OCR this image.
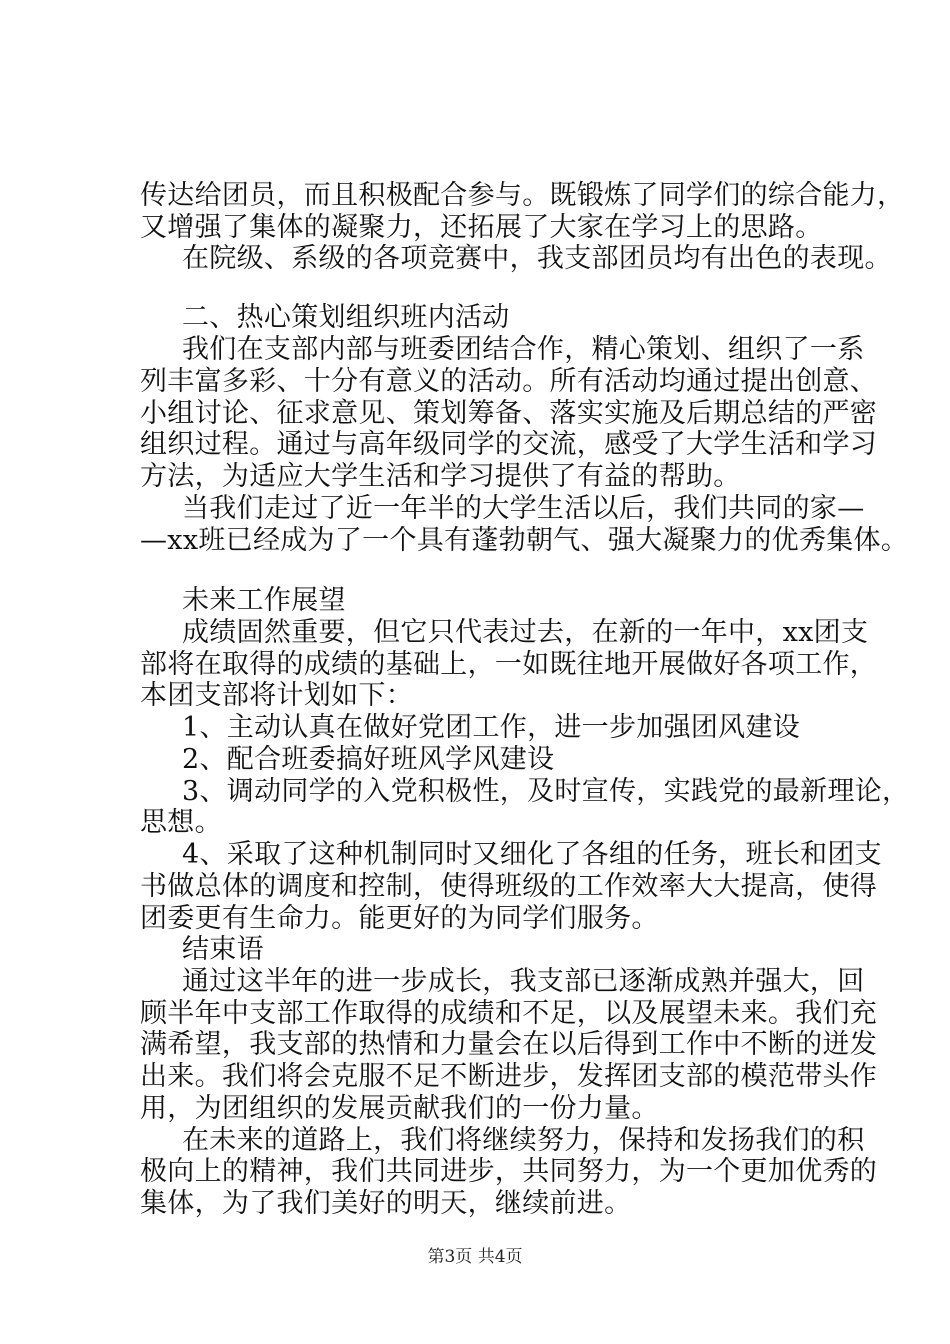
传达给团员，而且积极配合参与。既锻炼了同学们的综合能力，
又增强了集体的凝聚力，还拓展了大家在学习上的思路。
在院级、系级的各项竞赛中，我支部团员均有出色的表现。
二、热心策划组织班内活动
我们在支部内部与班委团结合作，精心策划、组织了一系
列丰富多彩、十分有意义的活动。所有活动均通过提出创意、
小组讨论、征求意见、策划筹备、落实实施及后期总结的严密
组织过程。通过与高年级同学的交流，感受了大学生活和学习
方法，为适应大学生活和学习提供了有益的帮助。
当我们走过了近一年半的大学生活以后，我们共同的家—
—xx班已经成为了一个具有蓬勃朝气、强大凝聚力的优秀集体。
未来工作展望
成绩固然重要，但它只代表过去，在新的一年中，xx团支
部将在取得的成绩的基础上，一如既往地开展做好各项工作，
本团支部将计划如下：
1、主动认真在做好党团工作，进一步加强团风建设
2、配合班委搞好班风学风建设
3、调动同学的入党积极性，及时宣传，实践党的最新理论，
思想。
4、采取了这种机制同时又细化了各组的任务，班长和团支
书做总体的调度和控制，使得班级的工作效率大大提高，使得
团委更有生命力。能更好的为同学们服务。
结束语
通过这半年的进一步成长，我支部已逐渐成熟并强大，回
顾半年中支部工作取得的成绩和不足，以及展望未来。我们充
满希望，我支部的热情和力量会在以后得到工作中不断的迸发
出来。我们将会克服不足不断进步，发挥团支部的模范带头作
用，为团组织的发展贡献我们的一份力量。
在未来的道路上，我们将继续努力，保持和发扬我们的积
极向上的精神，我们共同进步，共同努力，为一个更加优秀的
集体，为了我们美好的明天，继续前进。
第3页 共4页
